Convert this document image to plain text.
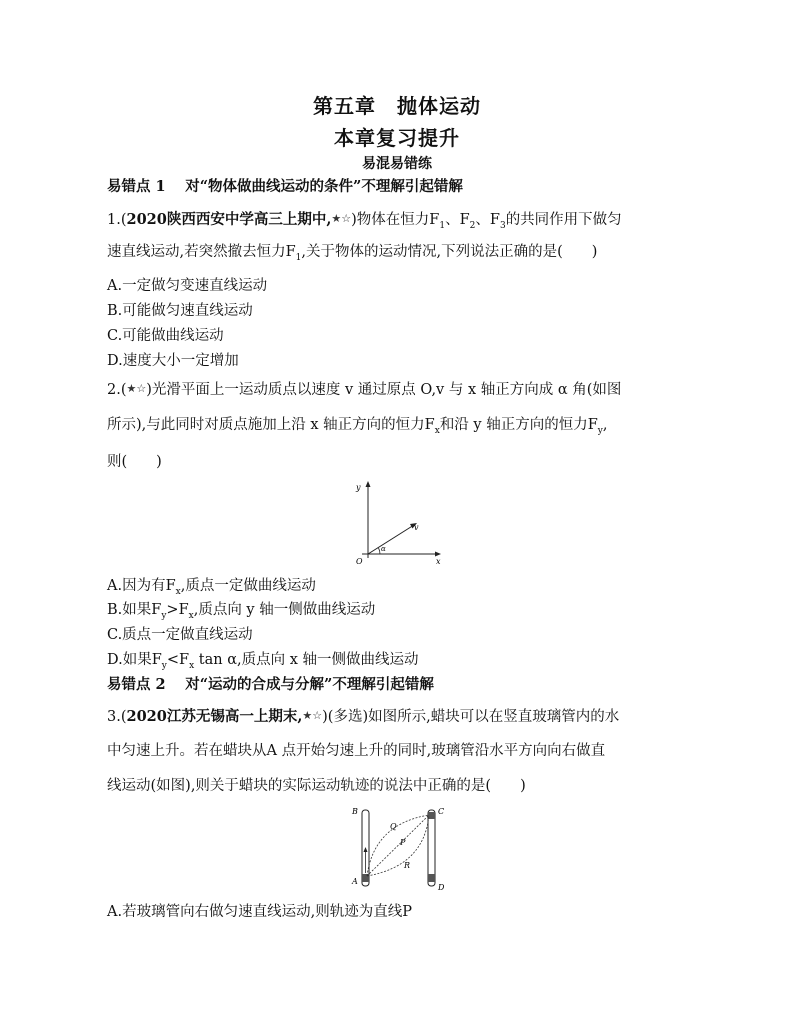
第五章　抛体运动
本章复习提升
易混易错练
易错点 1　 对“物体做曲线运动的条件”不理解引起错解
1.(2020陕西西安中学高三上期中,★☆)物体在恒力$F_1$、$F_2$、$F_3$的共同作用下做匀
速直线运动,若突然撤去恒力$F_1$,关于物体的运动情况,下列说法正确的是(　　)
A.一定做匀变速直线运动
B.可能做匀速直线运动
C.可能做曲线运动
D.速度大小一定增加
2.(★☆)光滑平面上一运动质点以速度 v 通过原点 O,v 与 x 轴正方向成 α 角(如图
所示),与此同时对质点施加上沿 x 轴正方向的恒力$F_x$和沿 y 轴正方向的恒力$F_y$,
则(　　)
y
x
O
v
α
A.因为有$F_x$,质点一定做曲线运动
B.如果$F_y>F_x$,质点向 y 轴一侧做曲线运动
C.质点一定做直线运动
D.如果$F_y<F_x$ tan α,质点向 x 轴一侧做曲线运动
易错点 2　 对“运动的合成与分解”不理解引起错解
3.(2020江苏无锡高一上期末,★☆)(多选)如图所示,蜡块可以在竖直玻璃管内的水
中匀速上升。若在蜡块从A 点开始匀速上升的同时,玻璃管沿水平方向向右做直
线运动(如图),则关于蜡块的实际运动轨迹的说法中正确的是(　　)
B	C
A
D
Q
P
R
A.若玻璃管向右做匀速直线运动,则轨迹为直线P
